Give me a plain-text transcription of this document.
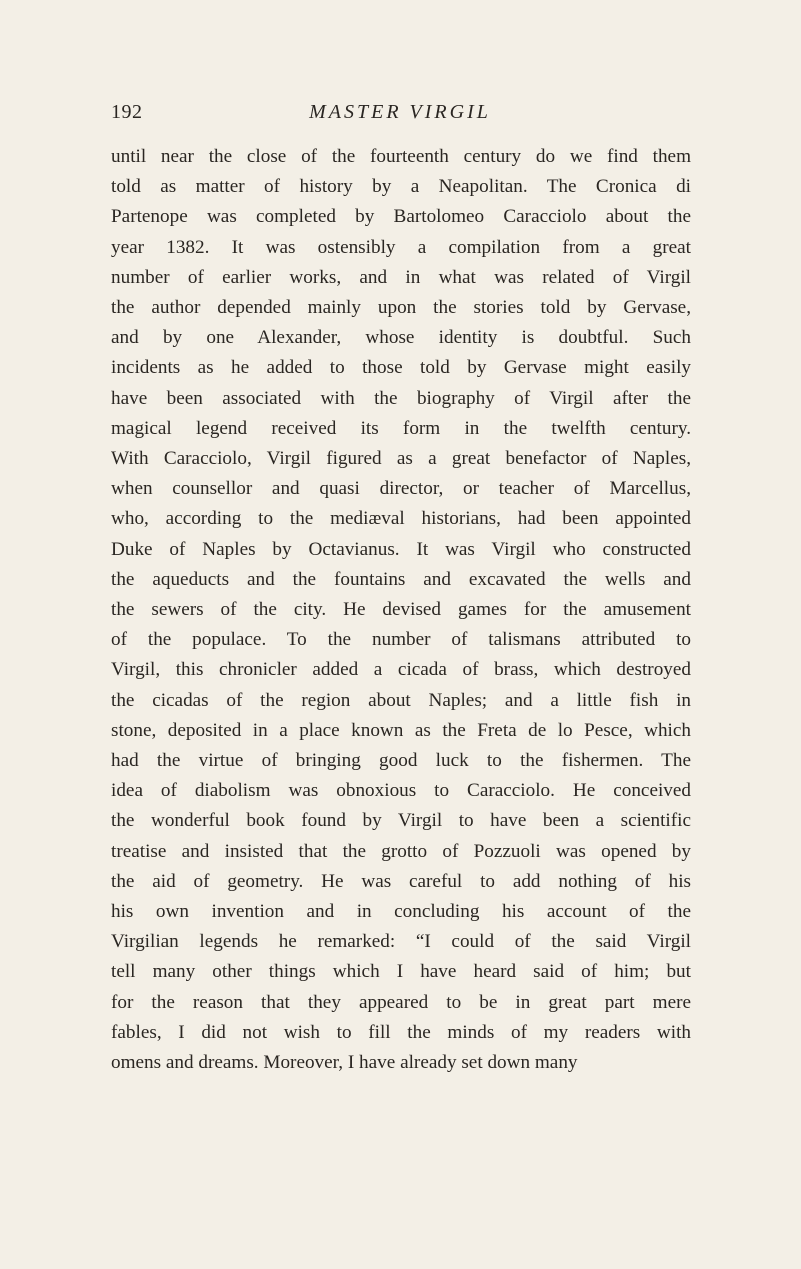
192	MASTER VIRGIL
until near the close of the fourteenth century do we find them
told as matter of history by a Neapolitan. The Cronica di
Partenope was completed by Bartolomeo Caracciolo about the
year 1382. It was ostensibly a compilation from a great
number of earlier works, and in what was related of Virgil
the author depended mainly upon the stories told by Gervase,
and by one Alexander, whose identity is doubtful. Such
incidents as he added to those told by Gervase might easily
have been associated with the biography of Virgil after the
magical legend received its form in the twelfth century.
With Caracciolo, Virgil figured as a great benefactor of Naples,
when counsellor and quasi director, or teacher of Marcellus,
who, according to the mediæval historians, had been appointed
Duke of Naples by Octavianus. It was Virgil who constructed
the aqueducts and the fountains and excavated the wells and
the sewers of the city. He devised games for the amusement
of the populace. To the number of talismans attributed to
Virgil, this chronicler added a cicada of brass, which destroyed
the cicadas of the region about Naples; and a little fish in
stone, deposited in a place known as the Freta de lo Pesce, which
had the virtue of bringing good luck to the fishermen. The
idea of diabolism was obnoxious to Caracciolo. He conceived
the wonderful book found by Virgil to have been a scientific
treatise and insisted that the grotto of Pozzuoli was opened by
the aid of geometry. He was careful to add nothing of his
his own invention and in concluding his account of the
Virgilian legends he remarked: “I could of the said Virgil
tell many other things which I have heard said of him; but
for the reason that they appeared to be in great part mere
fables, I did not wish to fill the minds of my readers with
omens and dreams. Moreover, I have already set down many
